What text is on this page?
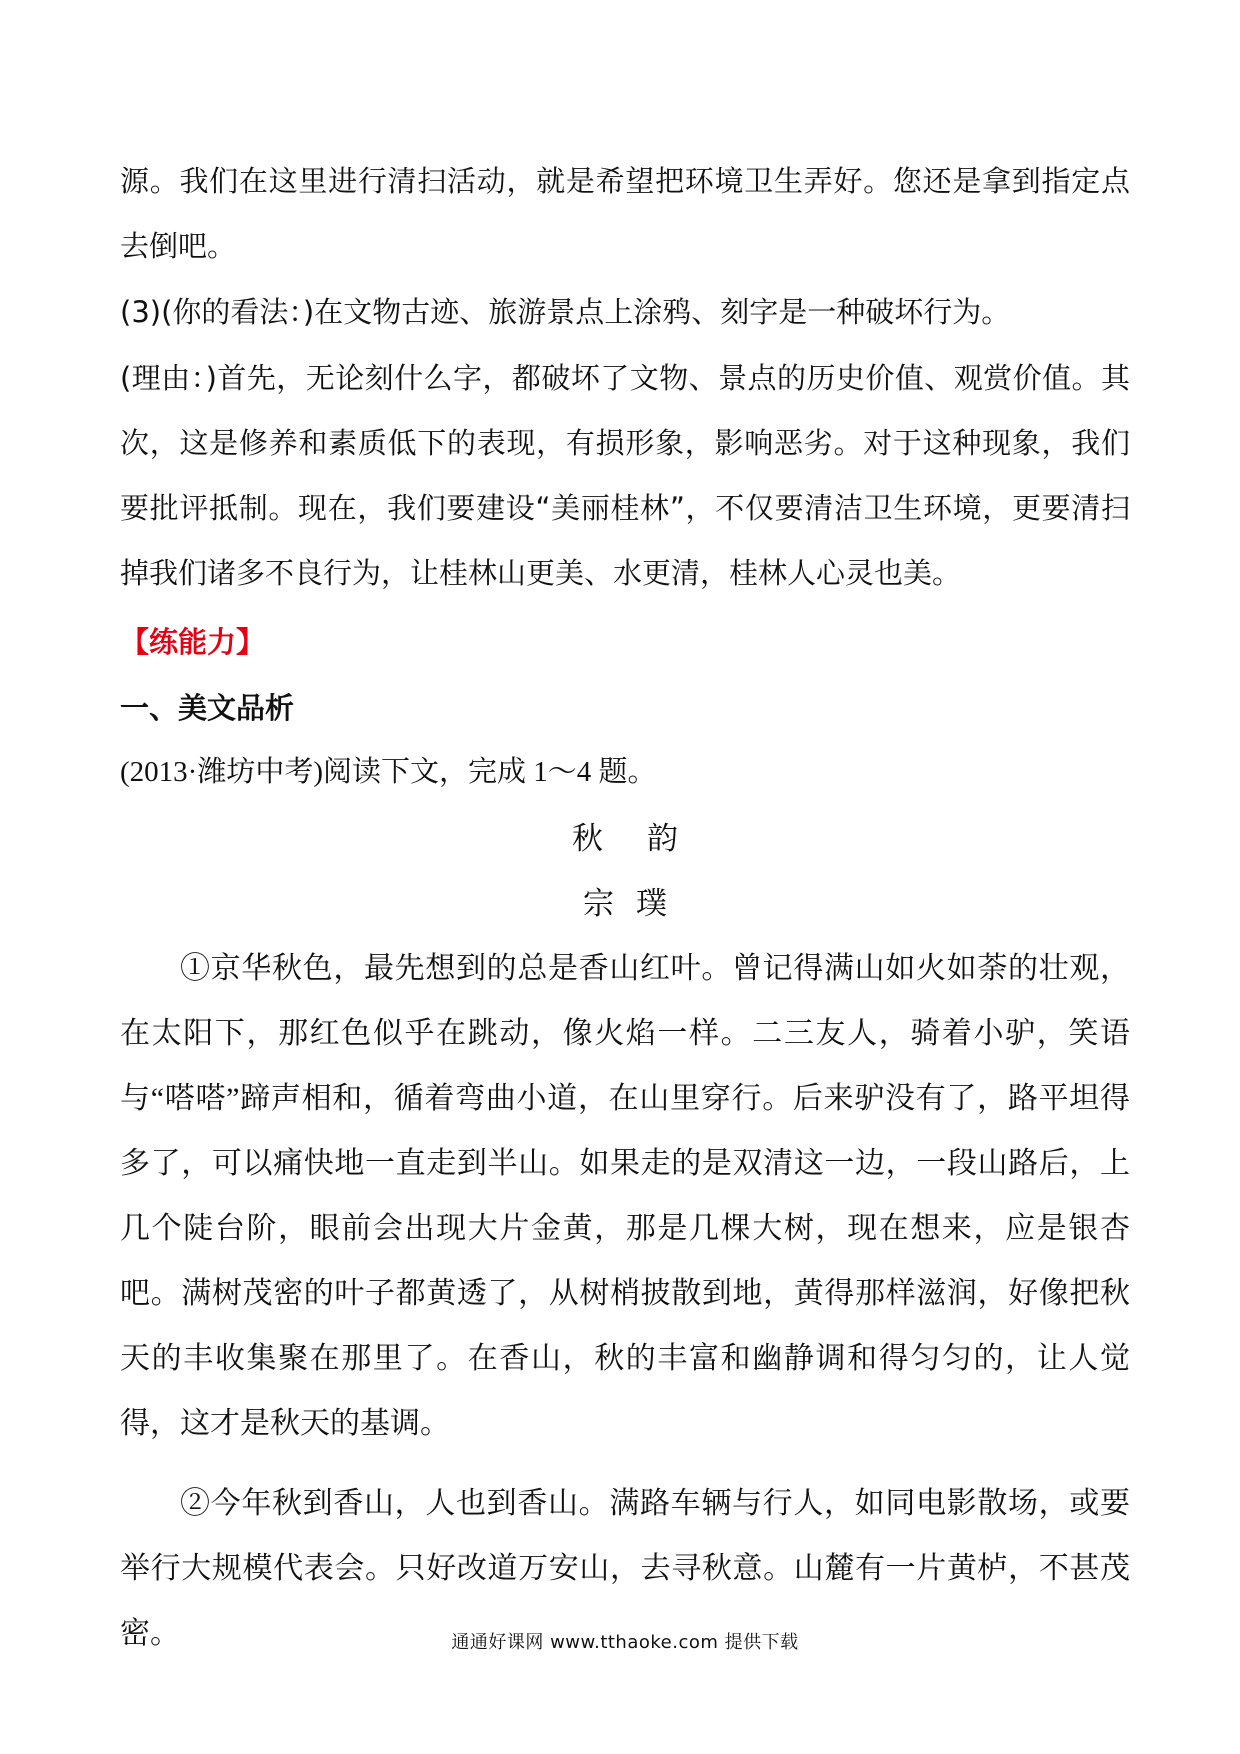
源。我们在这里进行清扫活动，就是希望把环境卫生弄好。您还是拿到指定点去倒吧。

(3)(你的看法：)在文物古迹、旅游景点上涂鸦、刻字是一种破坏行为。

(理由：)首先，无论刻什么字，都破坏了文物、景点的历史价值、观赏价值。其次，这是修养和素质低下的表现，有损形象，影响恶劣。对于这种现象，我们要批评抵制。现在，我们要建设“美丽桂林”，不仅要清洁卫生环境，更要清扫掉我们诸多不良行为，让桂林山更美、水更清，桂林人心灵也美。

【练能力】
一、美文品析
(2013·潍坊中考)阅读下文，完成 1～4 题。
秋韵
宗璞

①京华秋色，最先想到的总是香山红叶。曾记得满山如火如荼的壮观，在太阳下，那红色似乎在跳动，像火焰一样。二三友人，骑着小驴，笑语与“嗒嗒”蹄声相和，循着弯曲小道，在山里穿行。后来驴没有了，路平坦得多了，可以痛快地一直走到半山。如果走的是双清这一边，一段山路后，上几个陡台阶，眼前会出现大片金黄，那是几棵大树，现在想来，应是银杏吧。满树茂密的叶子都黄透了，从树梢披散到地，黄得那样滋润，好像把秋天的丰收集聚在那里了。在香山，秋的丰富和幽静调和得匀匀的，让人觉得，这才是秋天的基调。

②今年秋到香山，人也到香山。满路车辆与行人，如同电影散场，或要举行大规模代表会。只好改道万安山，去寻秋意。山麓有一片黄栌，不甚茂密。	通通好课网 www.tthaoke.com 提供下载
